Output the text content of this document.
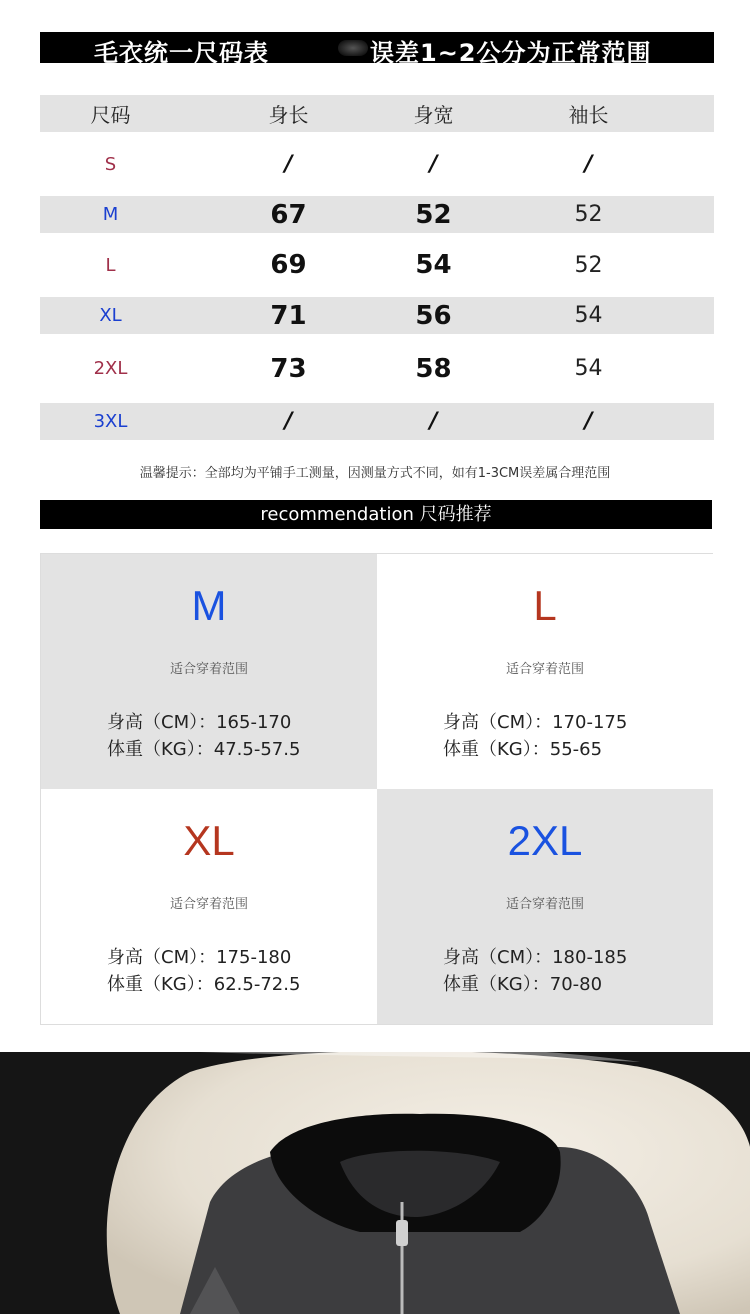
毛衣统一尺码表	误差1~2公分为正常范围
尺码	身长	身宽	袖长
S	/	/	/
M	67	52	52
L	69	54	52
XL	71	56	54
2XL	73	58	54
3XL	/	/	/
温馨提示：全部均为平铺手工测量，因测量方式不同，如有1-3CM误差属合理范围
recommendation 尺码推荐
M
适合穿着范围
身高（CM）：165-170
体重（KG）：47.5-57.5
L
适合穿着范围
身高（CM）：170-175
体重（KG）：55-65
XL
适合穿着范围
身高（CM）：175-180
体重（KG）：62.5-72.5
2XL
适合穿着范围
身高（CM）：180-185
体重（KG）：70-80
